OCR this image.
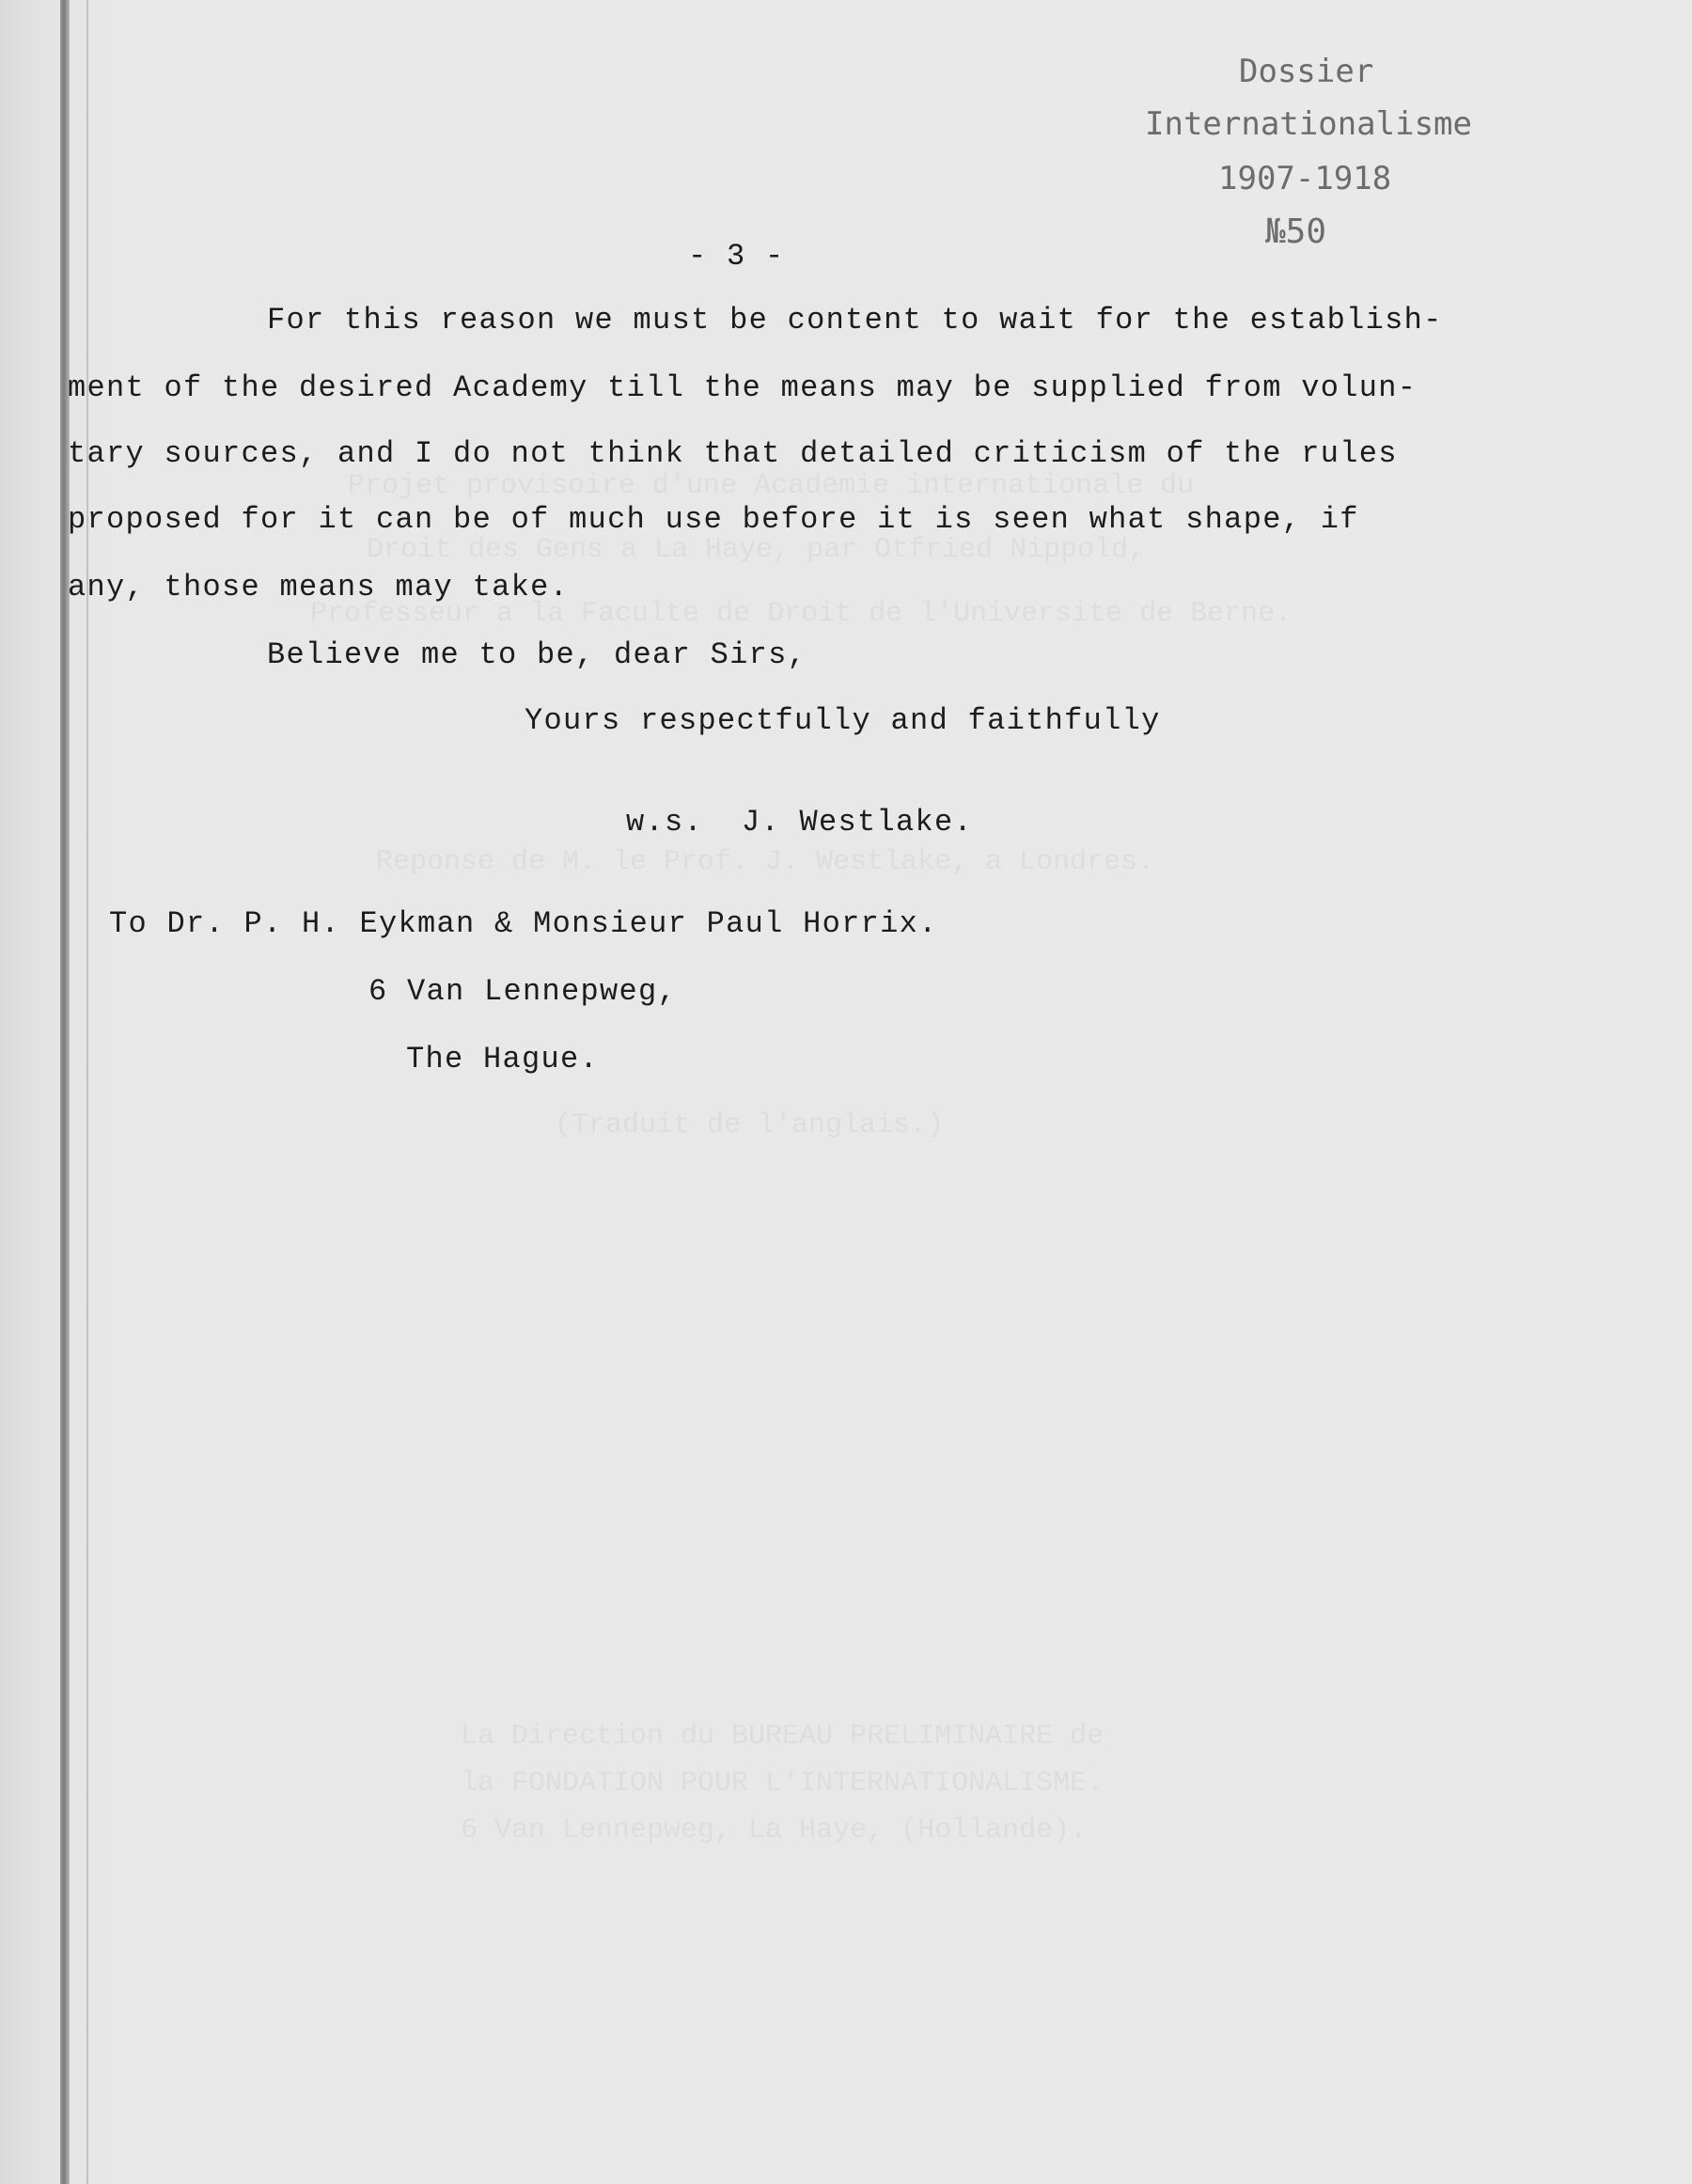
Projet provisoire d'une Academie internationale du
Droit des Gens a La Haye, par Otfried Nippold,
Professeur a la Faculte de Droit de l'Universite de Berne.
Reponse de M. le Prof. J. Westlake, a Londres.
(Traduit de l'anglais.)
La Direction du BUREAU PRELIMINAIRE de
la FONDATION POUR L'INTERNATIONALISME.
6 Van Lennepweg, La Haye, (Hollande).
Dossier
Internationalisme
1907-1918
№50
- 3 -
For this reason we must be content to wait for the establish-
ment of the desired Academy till the means may be supplied from volun-
tary sources, and I do not think that detailed criticism of the rules
proposed for it can be of much use before it is seen what shape, if
any, those means may take.
Believe me to be, dear Sirs,
Yours respectfully and faithfully
w.s.  J. Westlake.
To Dr. P. H. Eykman & Monsieur Paul Horrix.
6 Van Lennepweg,
The Hague.
